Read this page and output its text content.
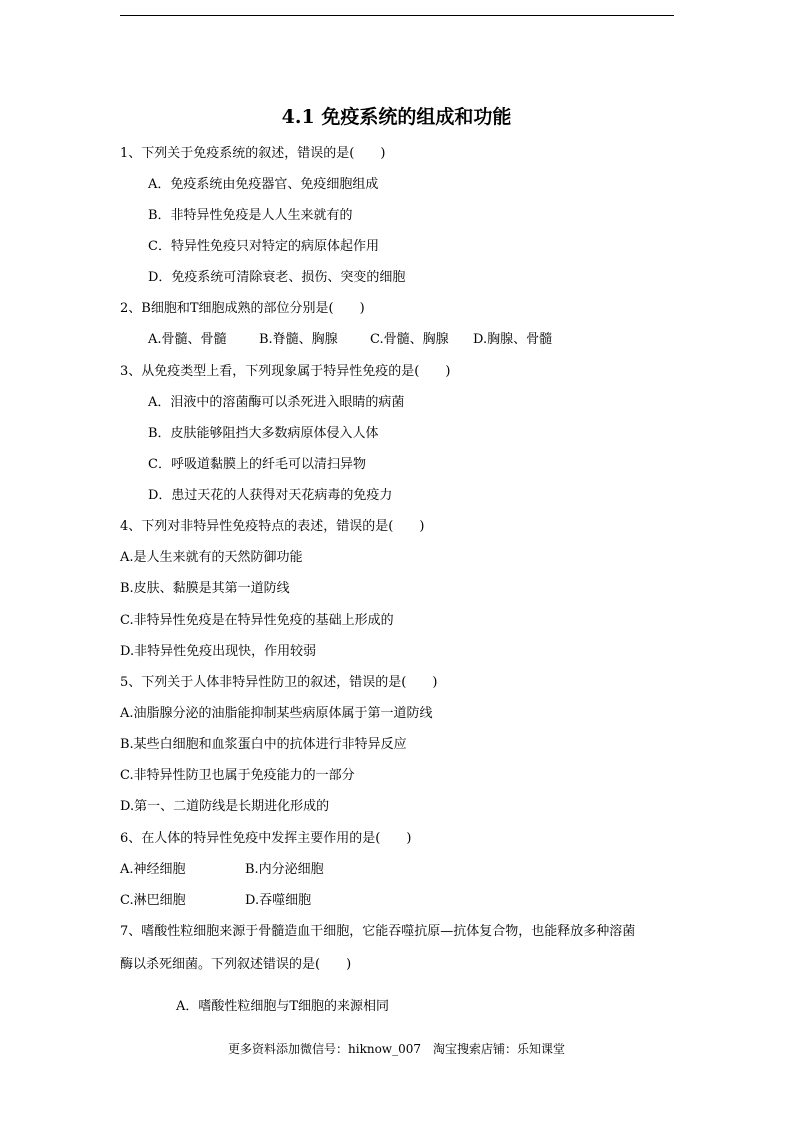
4.1 免疫系统的组成和功能
1、下列关于免疫系统的叙述，错误的是(　　)
A．免疫系统由免疫器官、免疫细胞组成
B．非特异性免疫是人人生来就有的
C．特异性免疫只对特定的病原体起作用
D．免疫系统可清除衰老、损伤、突变的细胞
2、B细胞和T细胞成熟的部位分别是(　　)
A.骨髓、骨髓 B.脊髓、胸腺 C.骨髓、胸腺 D.胸腺、骨髓
3、从免疫类型上看，下列现象属于特异性免疫的是(　　)
A．泪液中的溶菌酶可以杀死进入眼睛的病菌
B．皮肤能够阻挡大多数病原体侵入人体
C．呼吸道黏膜上的纤毛可以清扫异物
D．患过天花的人获得对天花病毒的免疫力
4、下列对非特异性免疫特点的表述，错误的是(　　)
A.是人生来就有的天然防御功能
B.皮肤、黏膜是其第一道防线
C.非特异性免疫是在特异性免疫的基础上形成的
D.非特异性免疫出现快，作用较弱
5、下列关于人体非特异性防卫的叙述，错误的是(　　)
A.油脂腺分泌的油脂能抑制某些病原体属于第一道防线
B.某些白细胞和血浆蛋白中的抗体进行非特异反应
C.非特异性防卫也属于免疫能力的一部分
D.第一、二道防线是长期进化形成的
6、在人体的特异性免疫中发挥主要作用的是(　　)
A.神经细胞	B.内分泌细胞
C.淋巴细胞	D.吞噬细胞
7、嗜酸性粒细胞来源于骨髓造血干细胞，它能吞噬抗原—抗体复合物，也能释放多种溶菌
酶以杀死细菌。下列叙述错误的是(　　)
A．嗜酸性粒细胞与T细胞的来源相同
更多资料添加微信号：hiknow_007　淘宝搜索店铺：乐知课堂
